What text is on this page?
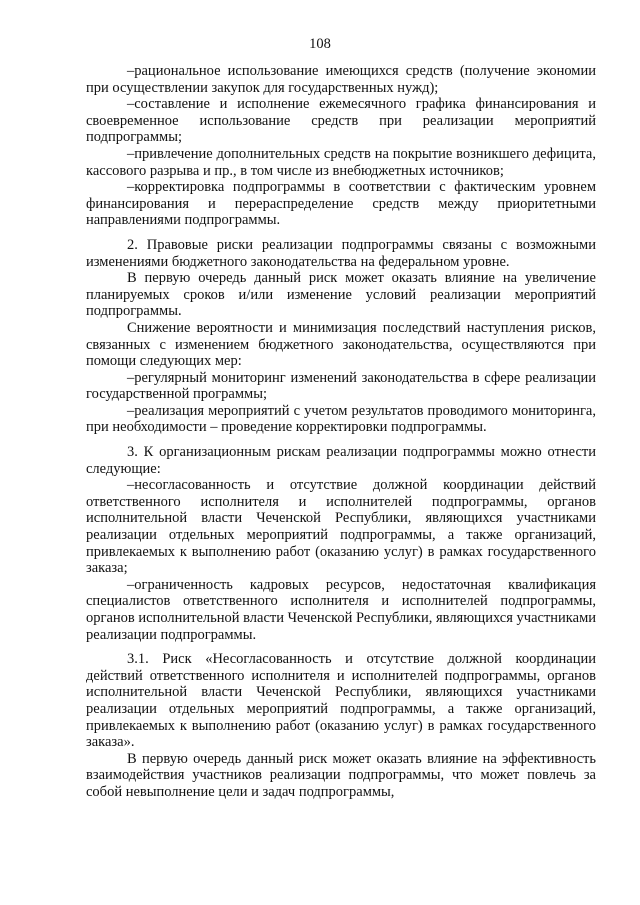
108

–рациональное использование имеющихся средств (получение экономии при осуществлении закупок для государственных нужд);

–составление и исполнение ежемесячного графика финансирования и своевременное использование средств при реализации мероприятий подпрограммы;

–привлечение дополнительных средств на покрытие возникшего дефицита, кассового разрыва и пр., в том числе из внебюджетных источников;

–корректировка подпрограммы в соответствии с фактическим уровнем финансирования и перераспределение средств между приоритетными направлениями подпрограммы.

2. Правовые риски реализации подпрограммы связаны с возможными изменениями бюджетного законодательства на федеральном уровне.

В первую очередь данный риск может оказать влияние на увеличение планируемых сроков и/или изменение условий реализации мероприятий подпрограммы.

Снижение вероятности и минимизация последствий наступления рисков, связанных с изменением бюджетного законодательства, осуществляются при помощи следующих мер:

–регулярный мониторинг изменений законодательства в сфере реализации государственной программы;

–реализация мероприятий с учетом результатов проводимого мониторинга, при необходимости – проведение корректировки подпрограммы.

3. К организационным рискам реализации подпрограммы можно отнести следующие:

–несогласованность и отсутствие должной координации действий ответственного исполнителя и исполнителей подпрограммы, органов исполнительной власти Чеченской Республики, являющихся участниками реализации отдельных мероприятий подпрограммы, а также организаций, привлекаемых к выполнению работ (оказанию услуг) в рамках государственного заказа;

–ограниченность кадровых ресурсов, недостаточная квалификация специалистов ответственного исполнителя и исполнителей подпрограммы, органов исполнительной власти Чеченской Республики, являющихся участниками реализации подпрограммы.

3.1. Риск «Несогласованность и отсутствие должной координации действий ответственного исполнителя и исполнителей подпрограммы, органов исполнительной власти Чеченской Республики, являющихся участниками реализации отдельных мероприятий подпрограммы, а также организаций, привлекаемых к выполнению работ (оказанию услуг) в рамках государственного заказа».

В первую очередь данный риск может оказать влияние на эффективность взаимодействия участников реализации подпрограммы, что может повлечь за собой невыполнение цели и задач подпрограммы,
